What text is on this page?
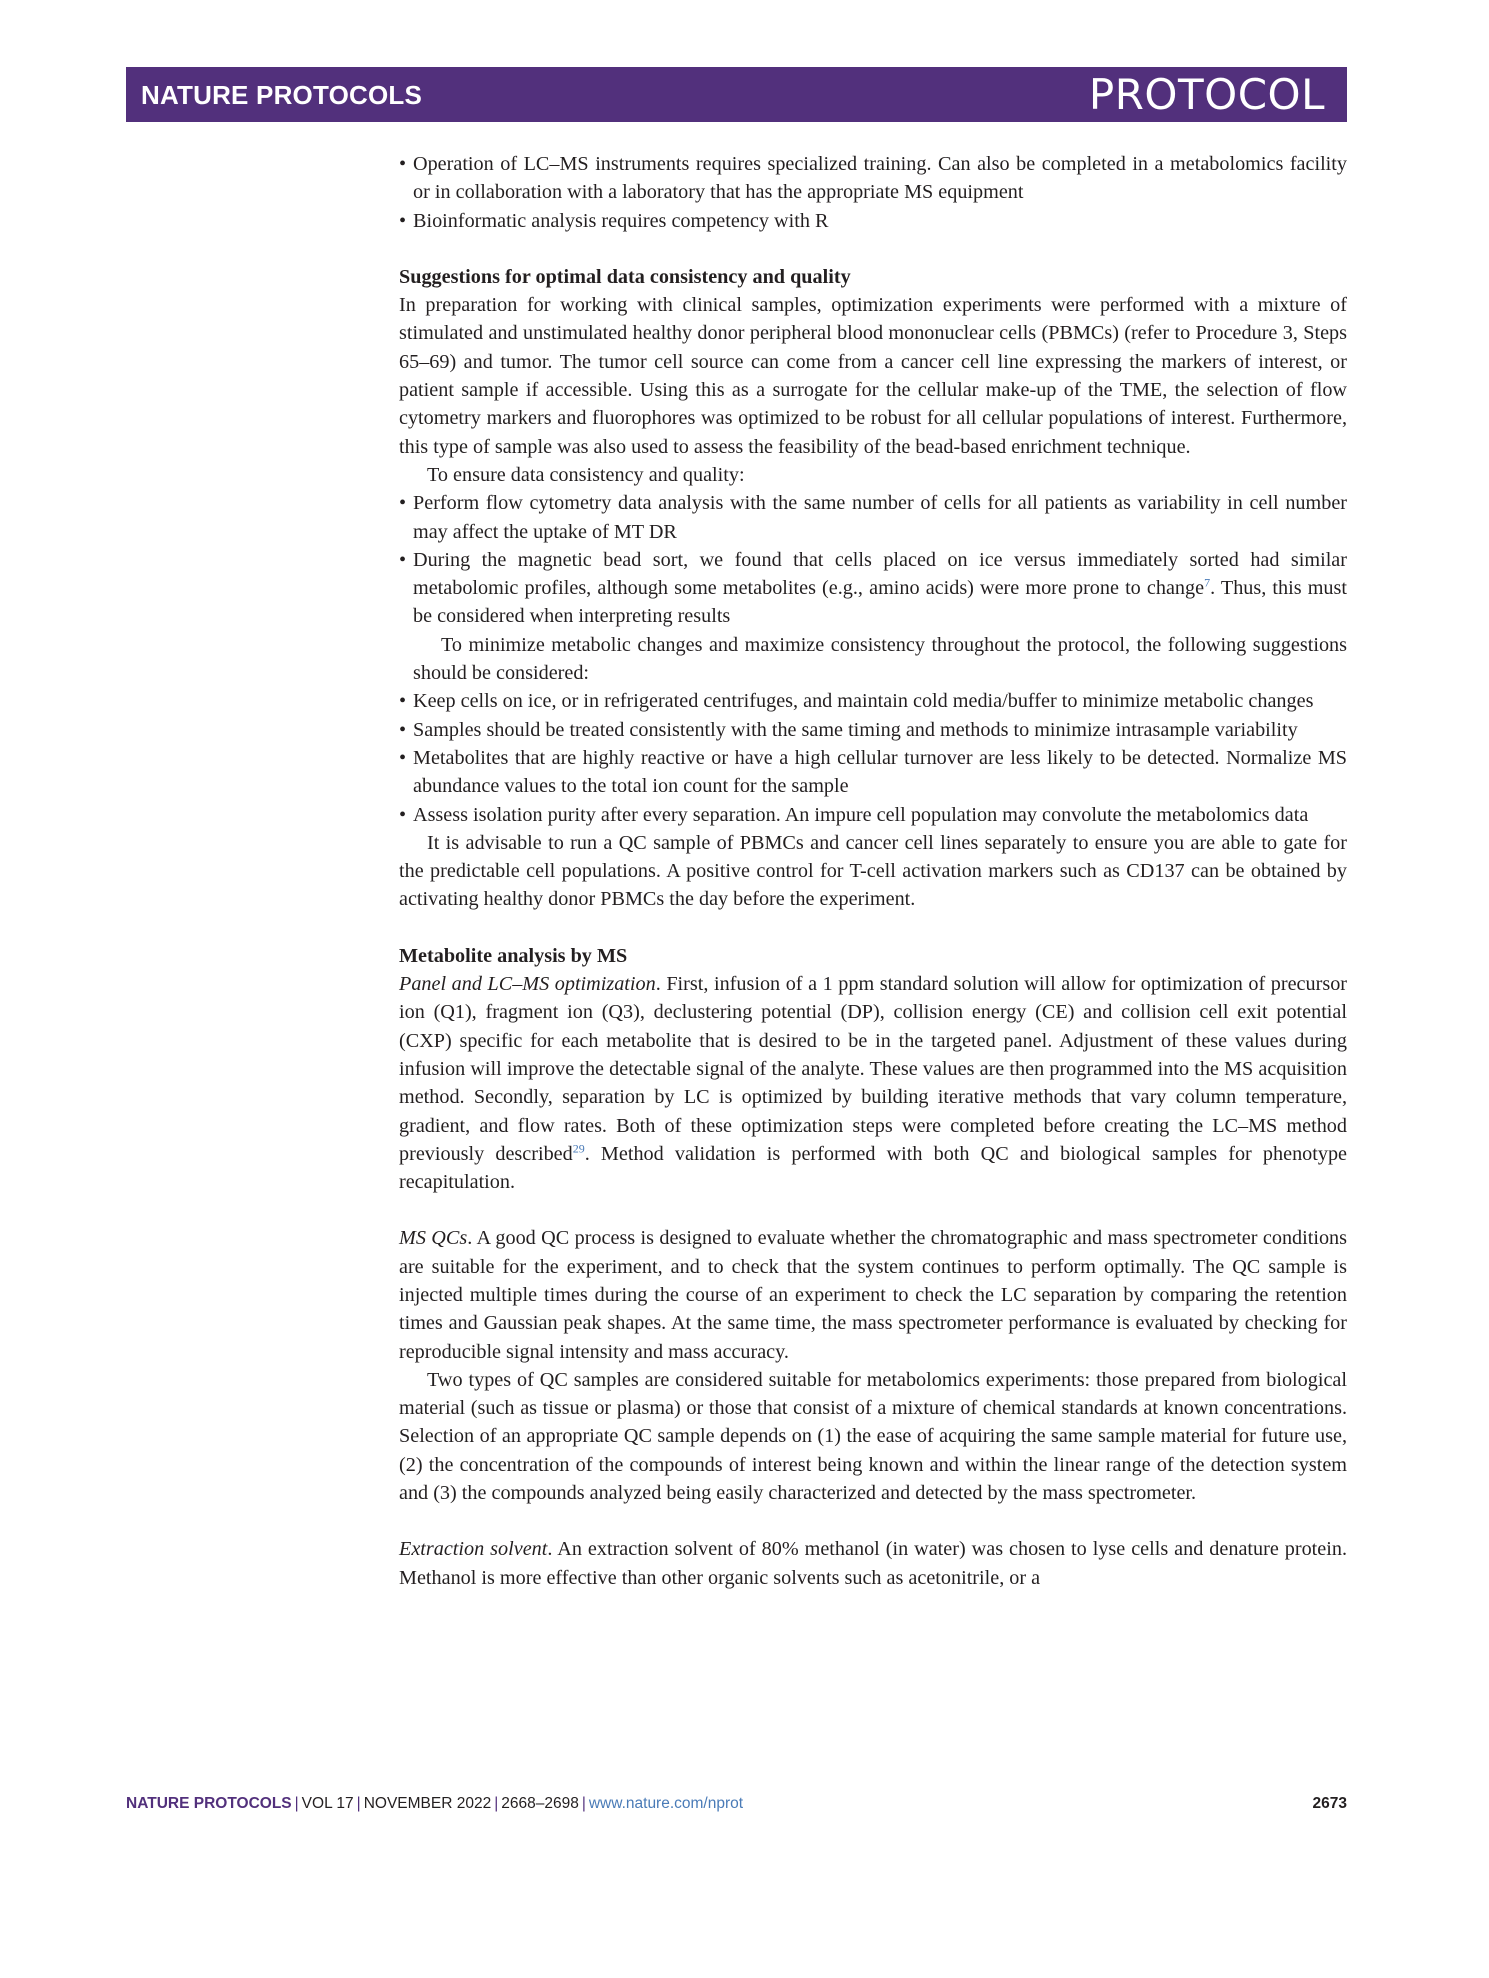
NATURE PROTOCOLS	PROTOCOL

• Operation of LC–MS instruments requires specialized training. Can also be completed in a metabolomics facility or in collaboration with a laboratory that has the appropriate MS equipment

• Bioinformatic analysis requires competency with R

Suggestions for optimal data consistency and quality

In preparation for working with clinical samples, optimization experiments were performed with a mixture of stimulated and unstimulated healthy donor peripheral blood mononuclear cells (PBMCs) (refer to Procedure 3, Steps 65–69) and tumor. The tumor cell source can come from a cancer cell line expressing the markers of interest, or patient sample if accessible. Using this as a surrogate for the cellular make-up of the TME, the selection of flow cytometry markers and fluorophores was optimized to be robust for all cellular populations of interest. Furthermore, this type of sample was also used to assess the feasibility of the bead-based enrichment technique.

To ensure data consistency and quality:

• Perform flow cytometry data analysis with the same number of cells for all patients as variability in cell number may affect the uptake of MT DR

• During the magnetic bead sort, we found that cells placed on ice versus immediately sorted had similar metabolomic profiles, although some metabolites (e.g., amino acids) were more prone to change$^7$. Thus, this must be considered when interpreting results

To minimize metabolic changes and maximize consistency throughout the protocol, the following suggestions should be considered:

• Keep cells on ice, or in refrigerated centrifuges, and maintain cold media/buffer to minimize metabolic changes

• Samples should be treated consistently with the same timing and methods to minimize intrasample variability

• Metabolites that are highly reactive or have a high cellular turnover are less likely to be detected. Normalize MS abundance values to the total ion count for the sample

• Assess isolation purity after every separation. An impure cell population may convolute the metabolomics data

It is advisable to run a QC sample of PBMCs and cancer cell lines separately to ensure you are able to gate for the predictable cell populations. A positive control for T-cell activation markers such as CD137 can be obtained by activating healthy donor PBMCs the day before the experiment.

Metabolite analysis by MS

Panel and LC–MS optimization. First, infusion of a 1 ppm standard solution will allow for optimization of precursor ion (Q1), fragment ion (Q3), declustering potential (DP), collision energy (CE) and collision cell exit potential (CXP) specific for each metabolite that is desired to be in the targeted panel. Adjustment of these values during infusion will improve the detectable signal of the analyte. These values are then programmed into the MS acquisition method. Secondly, separation by LC is optimized by building iterative methods that vary column temperature, gradient, and flow rates. Both of these optimization steps were completed before creating the LC–MS method previously described$^{29}$. Method validation is performed with both QC and biological samples for phenotype recapitulation.

MS QCs. A good QC process is designed to evaluate whether the chromatographic and mass spectrometer conditions are suitable for the experiment, and to check that the system continues to perform optimally. The QC sample is injected multiple times during the course of an experiment to check the LC separation by comparing the retention times and Gaussian peak shapes. At the same time, the mass spectrometer performance is evaluated by checking for reproducible signal intensity and mass accuracy.

Two types of QC samples are considered suitable for metabolomics experiments: those prepared from biological material (such as tissue or plasma) or those that consist of a mixture of chemical standards at known concentrations. Selection of an appropriate QC sample depends on (1) the ease of acquiring the same sample material for future use, (2) the concentration of the compounds of interest being known and within the linear range of the detection system and (3) the compounds analyzed being easily characterized and detected by the mass spectrometer.

Extraction solvent. An extraction solvent of 80% methanol (in water) was chosen to lyse cells and denature protein. Methanol is more effective than other organic solvents such as acetonitrile, or a

NATURE PROTOCOLS | VOL 17 | NOVEMBER 2022 | 2668–2698 | www.nature.com/nprot	2673
